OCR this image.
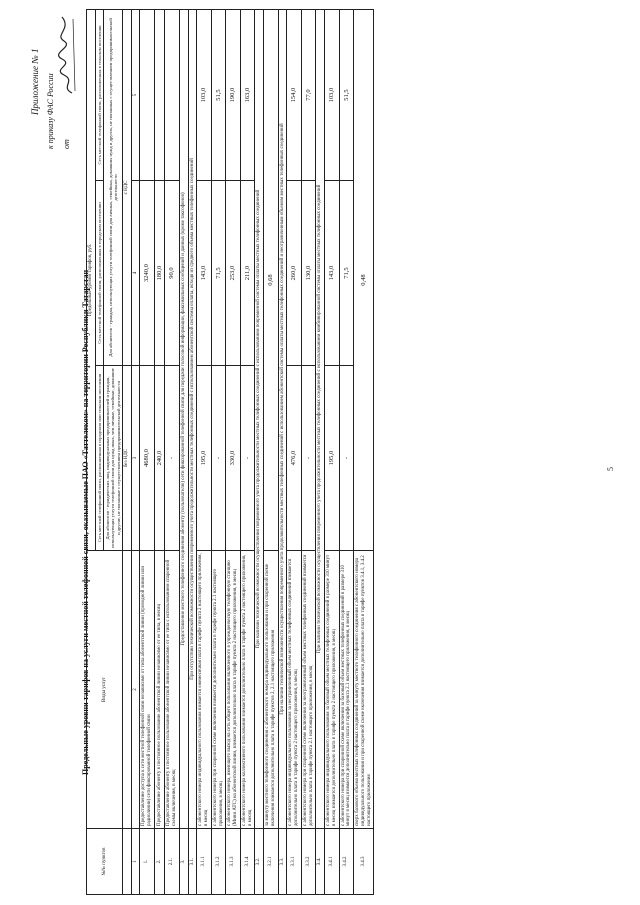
Приложение № 1 к приказу ФАС России от
Предельные уровни тарифов на услуги местной телефонной связи, оказываемые ПАО «Таттелеком» на территории Республики Татарстан
№№ пунктов	Виды услуг	Предельные уровни тарифов, руб.		
		Сеть местной телефонной связи, расположенная в городском или сельском поселении	Сеть местной телефонной связи, расположенная в городском поселении	Сеть местной телефонной связи, расположенная в сельском поселении
		Для абонентов - юридических лиц, индивидуальных предпринимателей и граждан, использующих услуги телефонной связи для нужд иных, чем личные, семейные, домашние и другие, не связанные с осуществлением предпринимательской деятельности	Для абонентов - граждан, использующих услуги телефонной связи для личных, семейных, домашних нужд и других, не связанных с осуществлением предпринимательской деятельности	
		без НДС	с НДС	
1	2	3	4	5
1.	Предоставление доступа к сети местной телефонной связи независимо от типа абонентской линии (проводной линии или радиолинии) сети фиксированной телефонной связи	4680,0	3240,0	
2.	Предоставление абоненту в постоянное пользование абонентской линии независимо от ее типа, в месяц	240,0	180,0	
2.1.	Предоставление абоненту в постоянное пользование абонентской линии независимо от ее типа с использованием спаренной схемы включения, в месяц	-	90,0	
3.	Предоставление местного телефонного соединения абоненту (пользователю) сети фиксированной телефонной связи для передачи голосовой информации, факсимильных сообщений и данных (кроме таксофонов)			
3.1.	При отсутствии технической возможности осуществления повременного учета продолжительности местных телефонных соединений с использованием абонентской системы оплаты, исходя из среднего объема местных телефонных соединений			
3.1.1	с абонентского номера индивидуального пользования взимается ежемесячная плата в тарифе пункта 2 настоящего приложения, в месяц	195,0	143,0	103,0
3.1.2	с абонентского номера при спаренной схеме включения взимается дополнительно плата в тарифе пункта 2.1 настоящего приложения, в месяц	-	71,5	51,5
3.1.3	с абонентского номера, имеющего выход на сеть общего пользования включенного в учрежденческую телефонную станцию (Мини АТС) на абонентской линии, взимается дополнительно плата в тарифе пункта 2 настоящего приложения, в месяц	330,0	253,0	190,0
3.1.4	с абонентского номера коллективного пользования взимается дополнительно плата в тарифе пункта 2 настоящего приложения, в месяц	-	211,0	163,0
3.2.	При наличии технической возможности осуществления повременного учета продолжительности местных телефонных соединений с использованием повременной системы оплаты местных телефонных соединений			
3.2.1	за минуту местного телефонного соединения с абонентского номера индивидуального пользования и при спаренной схеме включения взимается дополнительно плата в тарифе пунктов 2, 2.1 настоящего приложения	0,68		
3.3.	При наличии технической возможности осуществления повременного учета продолжительности местных телефонных соединений с использованием абонентской системы оплаты местных телефонных соединений и неограниченным объемом местных телефонных соединений			
3.3.1	с абонентского номера индивидуального пользования за неограниченный объем местных телефонных соединений взимается дополнительно плата в тарифе пункта 2 настоящего приложения, в месяц	476,0	260,0	154,0
3.3.2	с абонентского номера при спаренной схеме включения за неограниченный объем местных телефонных соединений взимается дополнительно плата в тарифе пункта 2.1 настоящего приложения, в месяц	-	130,0	77,0
3.4.	При наличии технической возможности осуществления повременного учета продолжительности местных телефонных соединений с использованием комбинированной системы оплаты местных телефонных соединений			
3.4.1	с абонентского номера индивидуального пользования за базовый объем местных телефонных соединений в размере 310 минут в месяц взимается дополнительно плата в тарифе пункта 2 настоящего приложения, в месяц	195,0	143,0	103,0
3.4.2	с абонентского номера при спаренной схеме включения за базовый объем местных телефонных соединений в размере 310 минут в месяц взимается дополнительно плата в тарифе пункта 2.1 настоящего приложения, в месяц	-	71,5	51,5
3.4.3	сверх базового объема местных телефонных соединений за минуту местного телефонного соединения с абонентского номера индивидуального пользования и при спаренной схеме включения взимается дополнительно плата в тарифе пунктов 3.4.1, 3.4.2 настоящего приложения	0,48		
5
